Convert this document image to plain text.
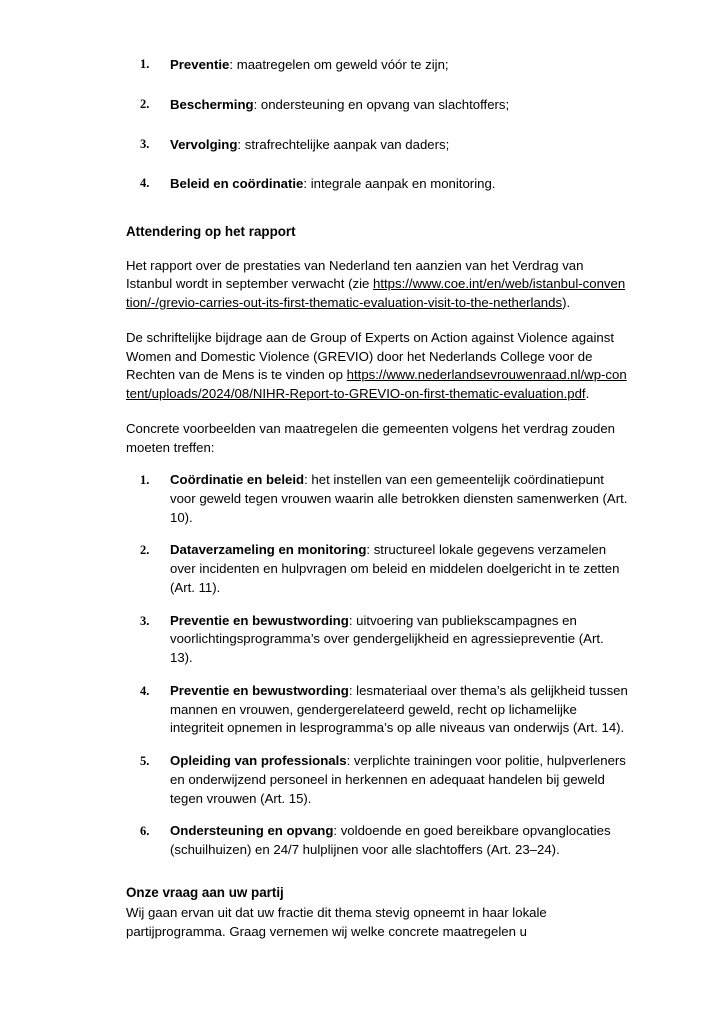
1. Preventie: maatregelen om geweld vóór te zijn;
2. Bescherming: ondersteuning en opvang van slachtoffers;
3. Vervolging: strafrechtelijke aanpak van daders;
4. Beleid en coördinatie: integrale aanpak en monitoring.
Attendering op het rapport

Het rapport over de prestaties van Nederland ten aanzien van het Verdrag van Istanbul wordt in september verwacht (zie https://www.coe.int/en/web/istanbul-convention/-/grevio-carries-out-its-first-thematic-evaluation-visit-to-the-netherlands).

De schriftelijke bijdrage aan de Group of Experts on Action against Violence against Women and Domestic Violence (GREVIO) door het Nederlands College voor de Rechten van de Mens is te vinden op https://www.nederlandsevrouwenraad.nl/wp-content/uploads/2024/08/NIHR-Report-to-GREVIO-on-first-thematic-evaluation.pdf.

Concrete voorbeelden van maatregelen die gemeenten volgens het verdrag zouden moeten treffen:

1. Coördinatie en beleid: het instellen van een gemeentelijk coördinatiepunt voor geweld tegen vrouwen waarin alle betrokken diensten samenwerken (Art. 10).
2. Dataverzameling en monitoring: structureel lokale gegevens verzamelen over incidenten en hulpvragen om beleid en middelen doelgericht in te zetten (Art. 11).
3. Preventie en bewustwording: uitvoering van publiekscampagnes en voorlichtingsprogramma’s over gendergelijkheid en agressiepreventie (Art. 13).
4. Preventie en bewustwording: lesmateriaal over thema’s als gelijkheid tussen mannen en vrouwen, gendergerelateerd geweld, recht op lichamelijke integriteit opnemen in lesprogramma’s op alle niveaus van onderwijs (Art. 14).
5. Opleiding van professionals: verplichte trainingen voor politie, hulpverleners en onderwijzend personeel in herkennen en adequaat handelen bij geweld tegen vrouwen (Art. 15).
6. Ondersteuning en opvang: voldoende en goed bereikbare opvanglocaties (schuilhuizen) en 24/7 hulplijnen voor alle slachtoffers (Art. 23–24).
Onze vraag aan uw partij

Wij gaan ervan uit dat uw fractie dit thema stevig opneemt in haar lokale partijprogramma. Graag vernemen wij welke concrete maatregelen u
